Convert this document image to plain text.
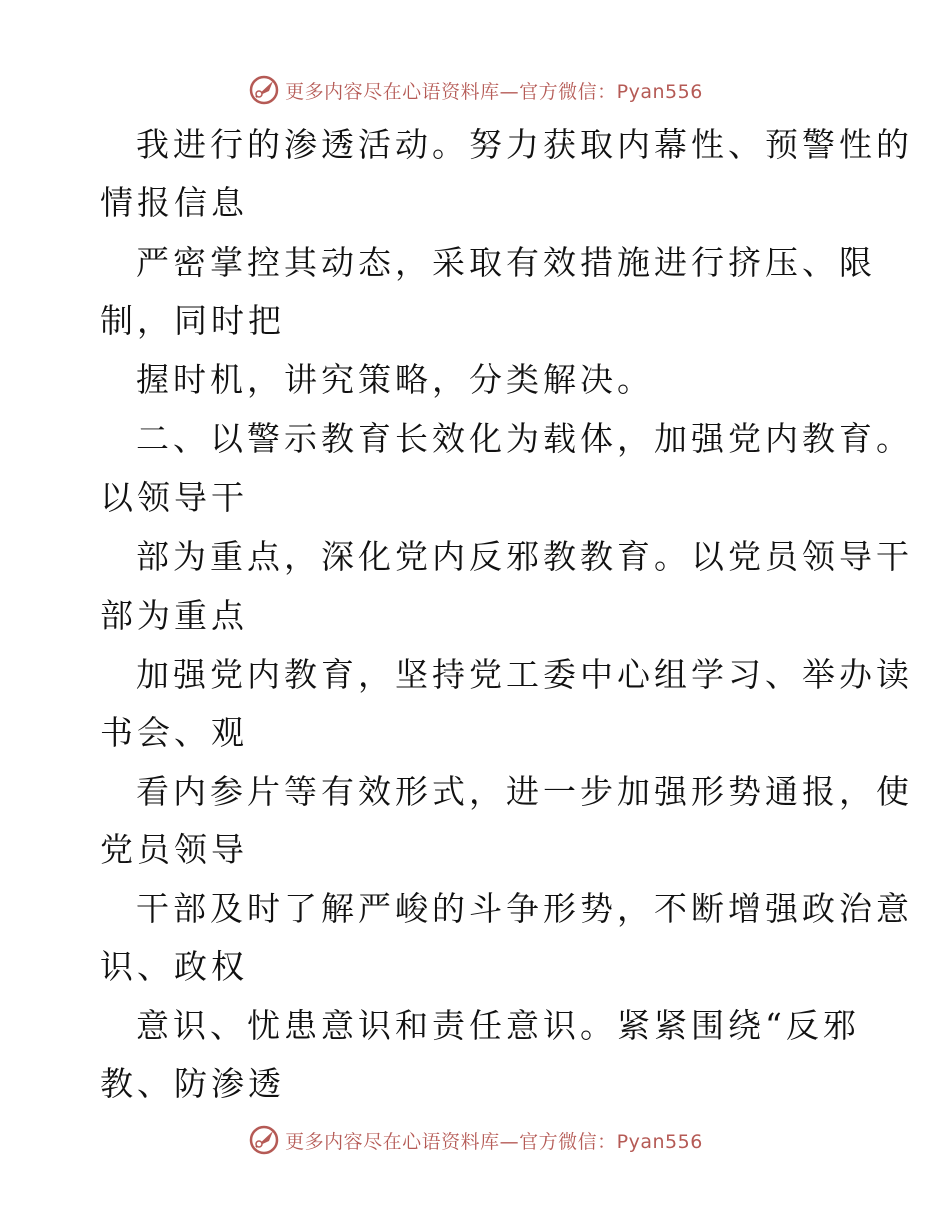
更多内容尽在心语资料库—官方微信：Pyan556
我进行的渗透活动。努力获取内幕性、预警性的
情报信息
严密掌控其动态，采取有效措施进行挤压、限
制，同时把
握时机，讲究策略，分类解决。
二、以警示教育长效化为载体，加强党内教育。
以领导干
部为重点，深化党内反邪教教育。以党员领导干
部为重点
加强党内教育，坚持党工委中心组学习、举办读
书会、观
看内参片等有效形式，进一步加强形势通报，使
党员领导
干部及时了解严峻的斗争形势，不断增强政治意
识、政权
意识、忧患意识和责任意识。紧紧围绕“反邪
教、防渗透
更多内容尽在心语资料库—官方微信：Pyan556
